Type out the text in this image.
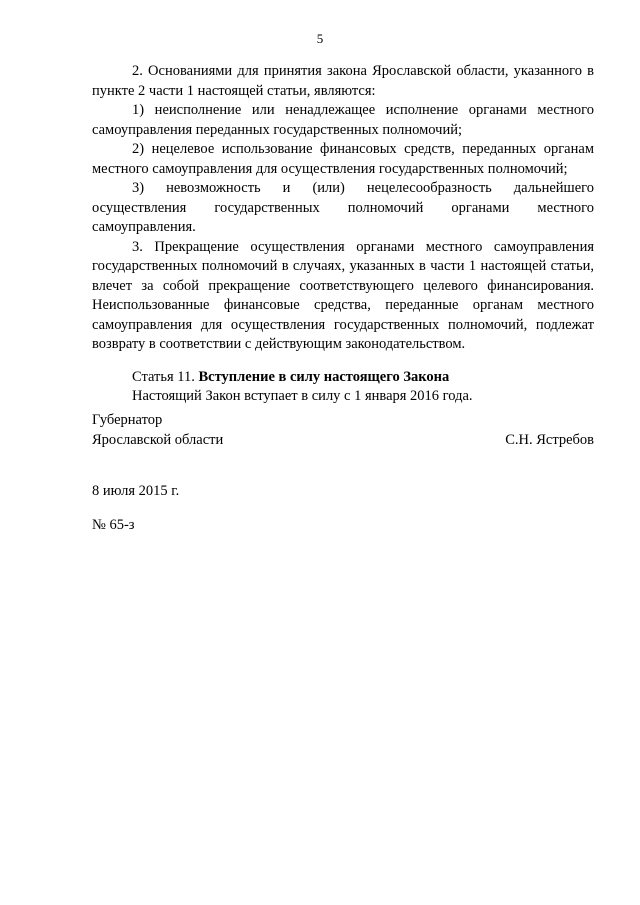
5

2. Основаниями для принятия закона Ярославской области, указанного в пункте 2 части 1 настоящей статьи, являются:

1) неисполнение или ненадлежащее исполнение органами местного самоуправления переданных государственных полномочий;

2) нецелевое использование финансовых средств, переданных органам местного самоуправления для осуществления государственных полномочий;

3) невозможность и (или) нецелесообразность дальнейшего осуществления государственных полномочий органами местного самоуправления.

3. Прекращение осуществления органами местного самоуправления государственных полномочий в случаях, указанных в части 1 настоящей статьи, влечет за собой прекращение соответствующего целевого финансирования. Неиспользованные финансовые средства, переданные органам местного самоуправления для осуществления государственных полномочий, подлежат возврату в соответствии с действующим законодательством.

Статья 11. Вступление в силу настоящего Закона

Настоящий Закон вступает в силу с 1 января 2016 года.

Губернатор
Ярославской области	С.Н. Ястребов
8 июля 2015 г.
№ 65-з
